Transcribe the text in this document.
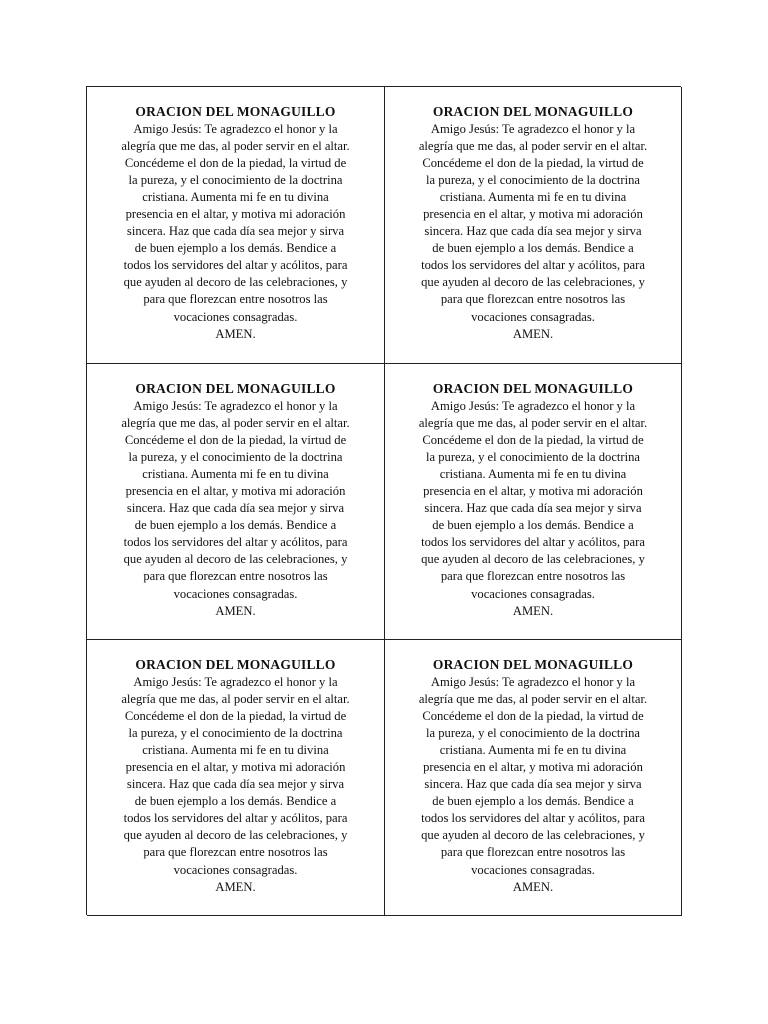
ORACION DEL MONAGUILLO

Amigo Jesús: Te agradezco el honor y la

alegría que me das, al poder servir en el altar.

Concédeme el don de la piedad, la virtud de

la pureza, y el conocimiento de la doctrina

cristiana. Aumenta mi fe en tu divina

presencia en el altar, y motiva mi adoración

sincera. Haz que cada día sea mejor y sirva

de buen ejemplo a los demás. Bendice a

todos los servidores del altar y acólitos, para

que ayuden al decoro de las celebraciones, y

para que florezcan entre nosotros las

vocaciones consagradas.

AMEN.

ORACION DEL MONAGUILLO

Amigo Jesús: Te agradezco el honor y la

alegría que me das, al poder servir en el altar.

Concédeme el don de la piedad, la virtud de

la pureza, y el conocimiento de la doctrina

cristiana. Aumenta mi fe en tu divina

presencia en el altar, y motiva mi adoración

sincera. Haz que cada día sea mejor y sirva

de buen ejemplo a los demás. Bendice a

todos los servidores del altar y acólitos, para

que ayuden al decoro de las celebraciones, y

para que florezcan entre nosotros las

vocaciones consagradas.

AMEN.

ORACION DEL MONAGUILLO

Amigo Jesús: Te agradezco el honor y la

alegría que me das, al poder servir en el altar.

Concédeme el don de la piedad, la virtud de

la pureza, y el conocimiento de la doctrina

cristiana. Aumenta mi fe en tu divina

presencia en el altar, y motiva mi adoración

sincera. Haz que cada día sea mejor y sirva

de buen ejemplo a los demás. Bendice a

todos los servidores del altar y acólitos, para

que ayuden al decoro de las celebraciones, y

para que florezcan entre nosotros las

vocaciones consagradas.

AMEN.

ORACION DEL MONAGUILLO

Amigo Jesús: Te agradezco el honor y la

alegría que me das, al poder servir en el altar.

Concédeme el don de la piedad, la virtud de

la pureza, y el conocimiento de la doctrina

cristiana. Aumenta mi fe en tu divina

presencia en el altar, y motiva mi adoración

sincera. Haz que cada día sea mejor y sirva

de buen ejemplo a los demás. Bendice a

todos los servidores del altar y acólitos, para

que ayuden al decoro de las celebraciones, y

para que florezcan entre nosotros las

vocaciones consagradas.

AMEN.

ORACION DEL MONAGUILLO

Amigo Jesús: Te agradezco el honor y la

alegría que me das, al poder servir en el altar.

Concédeme el don de la piedad, la virtud de

la pureza, y el conocimiento de la doctrina

cristiana. Aumenta mi fe en tu divina

presencia en el altar, y motiva mi adoración

sincera. Haz que cada día sea mejor y sirva

de buen ejemplo a los demás. Bendice a

todos los servidores del altar y acólitos, para

que ayuden al decoro de las celebraciones, y

para que florezcan entre nosotros las

vocaciones consagradas.

AMEN.

ORACION DEL MONAGUILLO

Amigo Jesús: Te agradezco el honor y la

alegría que me das, al poder servir en el altar.

Concédeme el don de la piedad, la virtud de

la pureza, y el conocimiento de la doctrina

cristiana. Aumenta mi fe en tu divina

presencia en el altar, y motiva mi adoración

sincera. Haz que cada día sea mejor y sirva

de buen ejemplo a los demás. Bendice a

todos los servidores del altar y acólitos, para

que ayuden al decoro de las celebraciones, y

para que florezcan entre nosotros las

vocaciones consagradas.

AMEN.
